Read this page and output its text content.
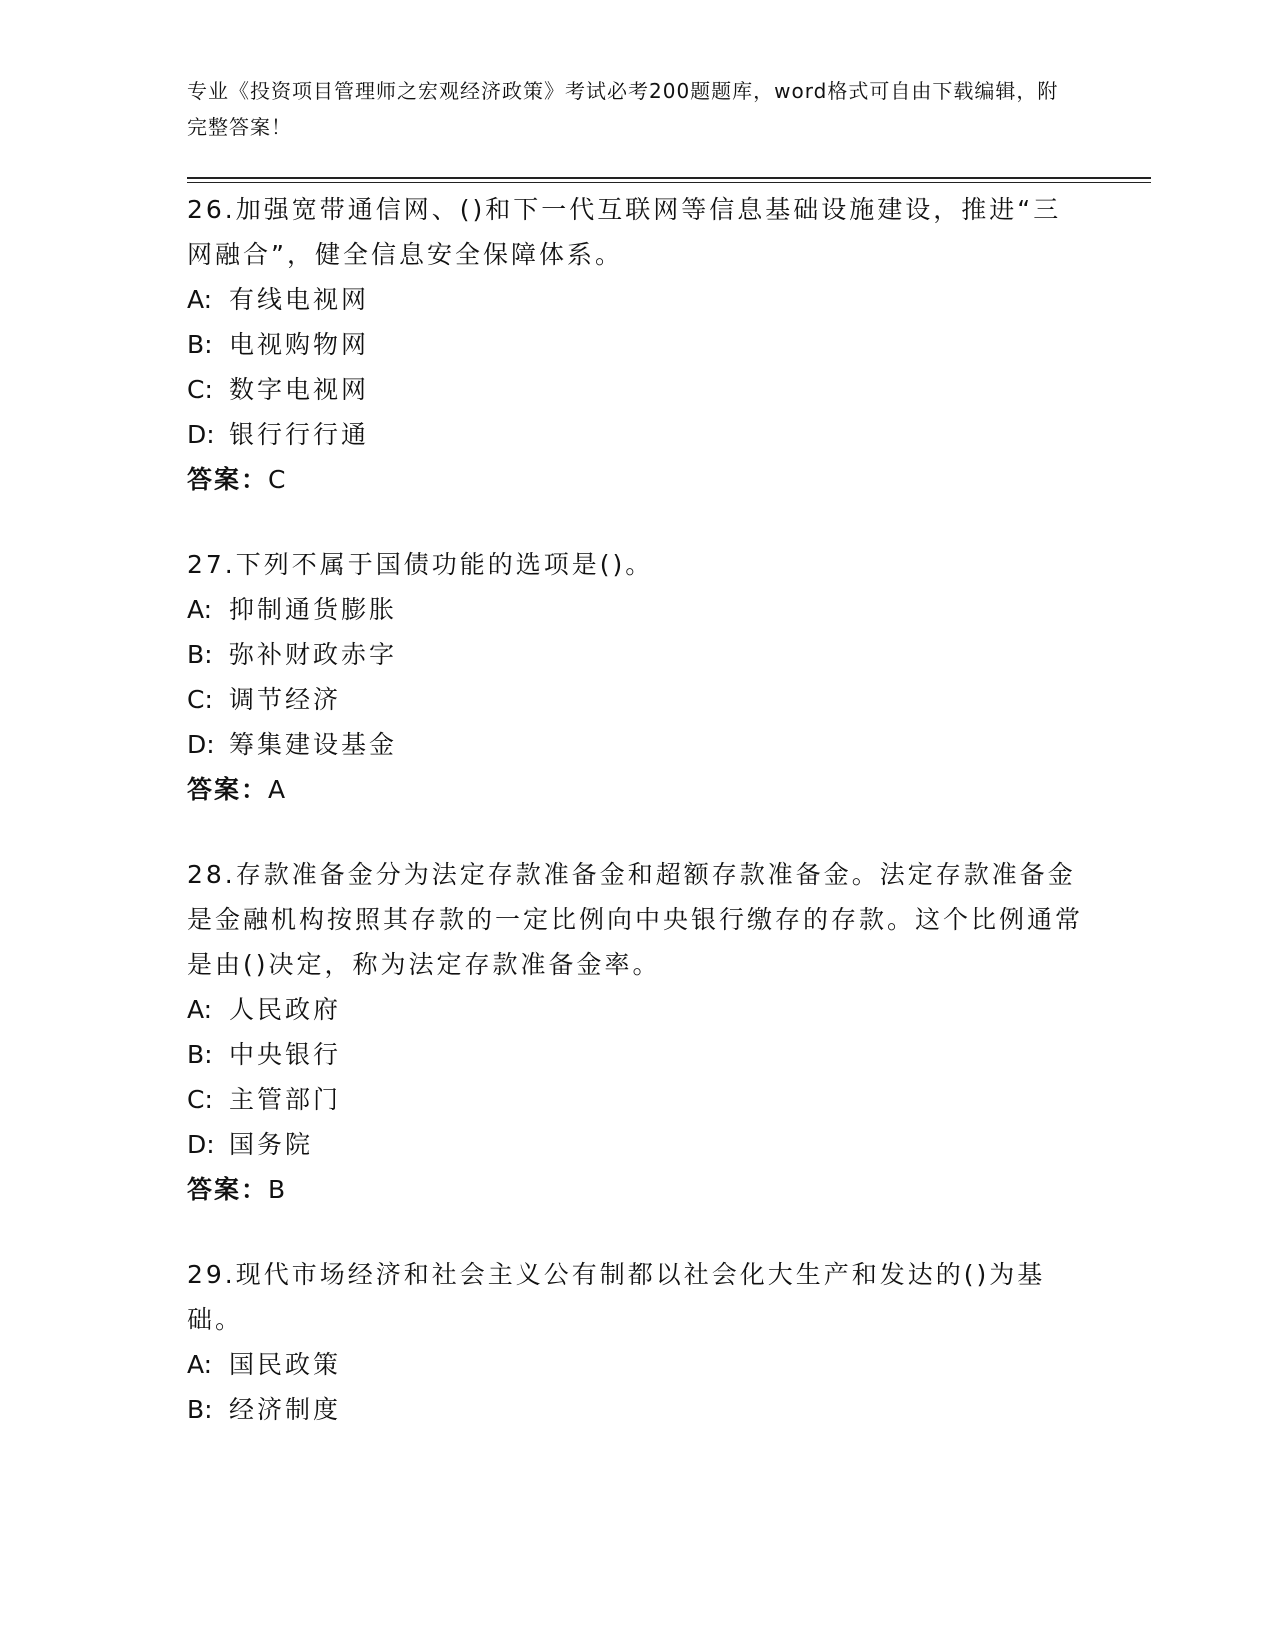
专业《投资项目管理师之宏观经济政策》考试必考200题题库，word格式可自由下载编辑，附完整答案！
26.加强宽带通信网、()和下一代互联网等信息基础设施建设，推进“三网融合”，健全信息安全保障体系。
A: 有线电视网
B: 电视购物网
C: 数字电视网
D: 银行行行通
答案：C
27.下列不属于国债功能的选项是()。
A: 抑制通货膨胀
B: 弥补财政赤字
C: 调节经济
D: 筹集建设基金
答案：A
28.存款准备金分为法定存款准备金和超额存款准备金。法定存款准备金是金融机构按照其存款的一定比例向中央银行缴存的存款。这个比例通常是由()决定，称为法定存款准备金率。
A: 人民政府
B: 中央银行
C: 主管部门
D: 国务院
答案：B
29.现代市场经济和社会主义公有制都以社会化大生产和发达的()为基础。
A: 国民政策
B: 经济制度
